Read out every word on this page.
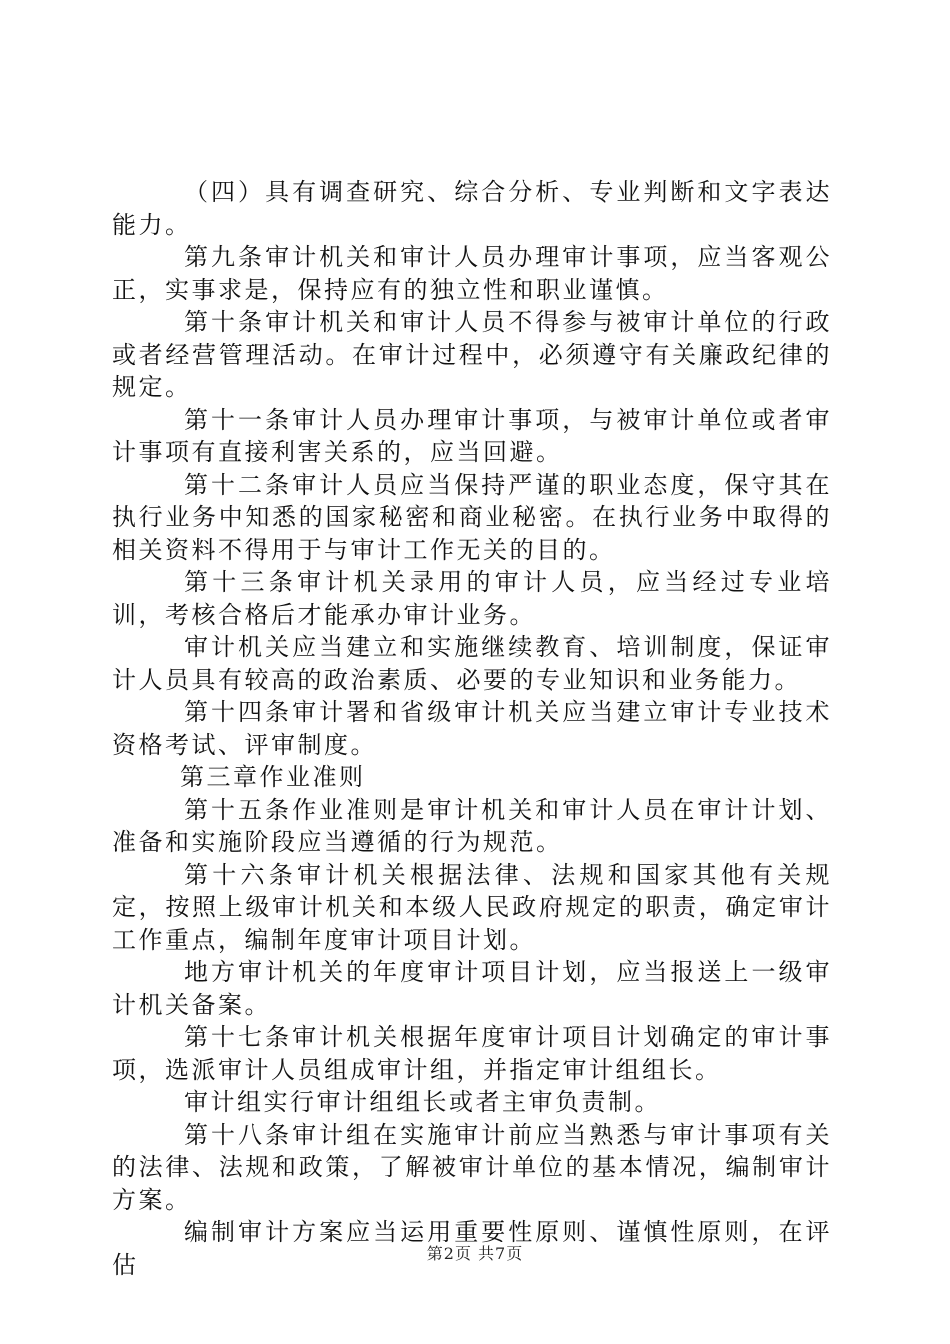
（四）具有调查研究、综合分析、专业判断和文字表达能力。

第九条审计机关和审计人员办理审计事项，应当客观公正，实事求是，保持应有的独立性和职业谨慎。

第十条审计机关和审计人员不得参与被审计单位的行政或者经营管理活动。在审计过程中，必须遵守有关廉政纪律的规定。

第十一条审计人员办理审计事项，与被审计单位或者审计事项有直接利害关系的，应当回避。

第十二条审计人员应当保持严谨的职业态度，保守其在执行业务中知悉的国家秘密和商业秘密。在执行业务中取得的相关资料不得用于与审计工作无关的目的。

第十三条审计机关录用的审计人员，应当经过专业培训，考核合格后才能承办审计业务。

审计机关应当建立和实施继续教育、培训制度，保证审计人员具有较高的政治素质、必要的专业知识和业务能力。

第十四条审计署和省级审计机关应当建立审计专业技术资格考试、评审制度。

第三章作业准则

第十五条作业准则是审计机关和审计人员在审计计划、准备和实施阶段应当遵循的行为规范。

第十六条审计机关根据法律、法规和国家其他有关规定，按照上级审计机关和本级人民政府规定的职责，确定审计工作重点，编制年度审计项目计划。

地方审计机关的年度审计项目计划，应当报送上一级审计机关备案。

第十七条审计机关根据年度审计项目计划确定的审计事项，选派审计人员组成审计组，并指定审计组组长。

审计组实行审计组组长或者主审负责制。

第十八条审计组在实施审计前应当熟悉与审计事项有关的法律、法规和政策，了解被审计单位的基本情况，编制审计方案。

编制审计方案应当运用重要性原则、谨慎性原则，在评估	第2页 共7页
